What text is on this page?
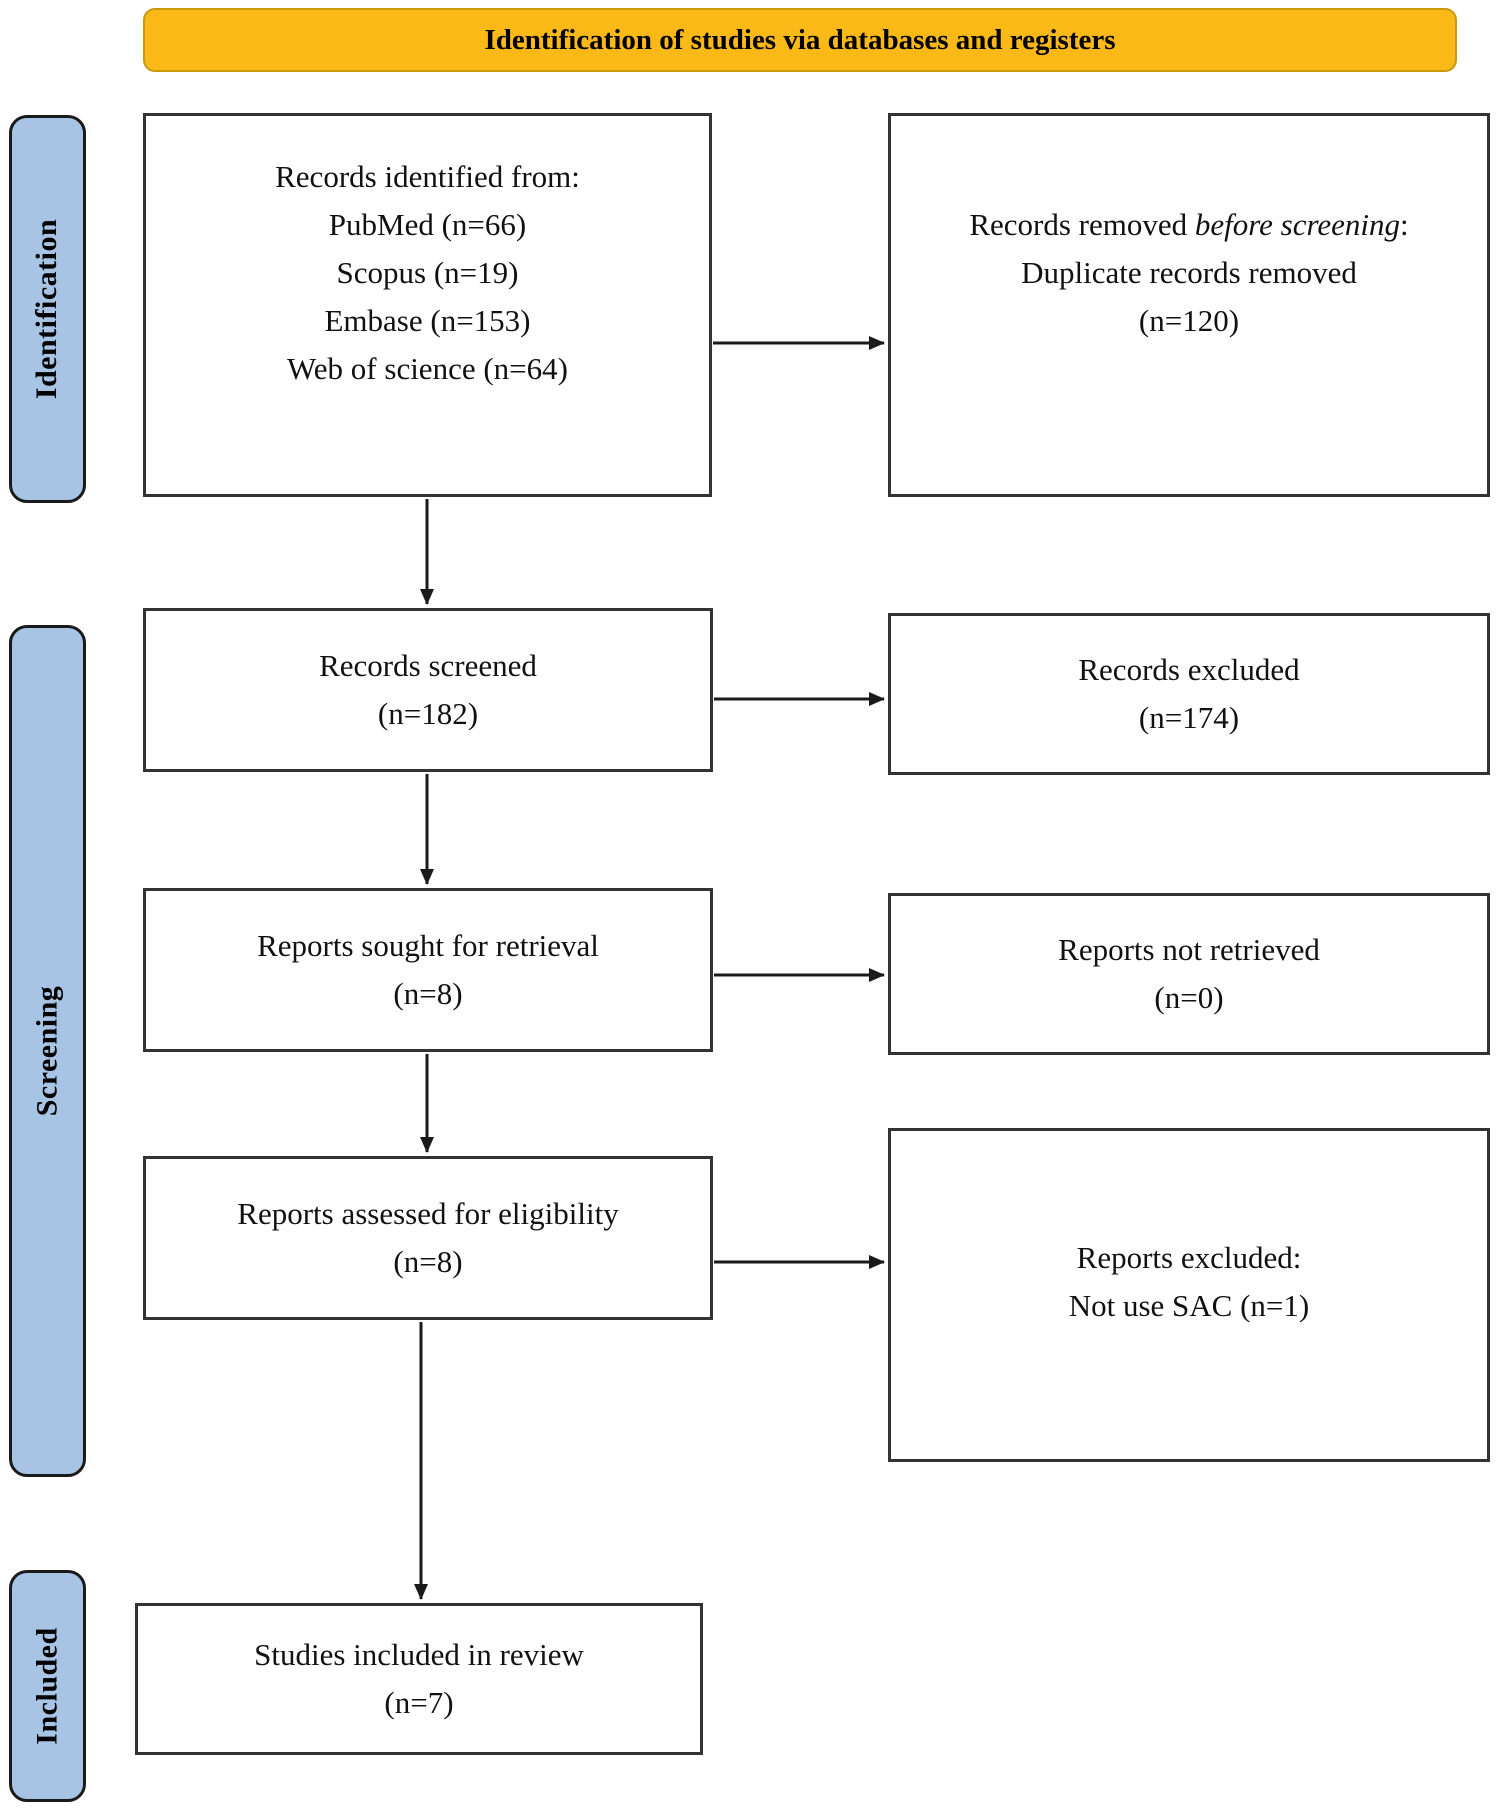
Identification of studies via databases and registers
Identification
Screening
Included
Records identified from:
PubMed (n=66)
Scopus (n=19)
Embase (n=153)
Web of science (n=64)
Records screened
(n=182)
Reports sought for retrieval
(n=8)
Reports assessed for eligibility
(n=8)
Studies included in review
(n=7)
Records removed before screening:
Duplicate records removed
(n=120)
Records excluded
(n=174)
Reports not retrieved
(n=0)
Reports excluded:
Not use SAC (n=1)
